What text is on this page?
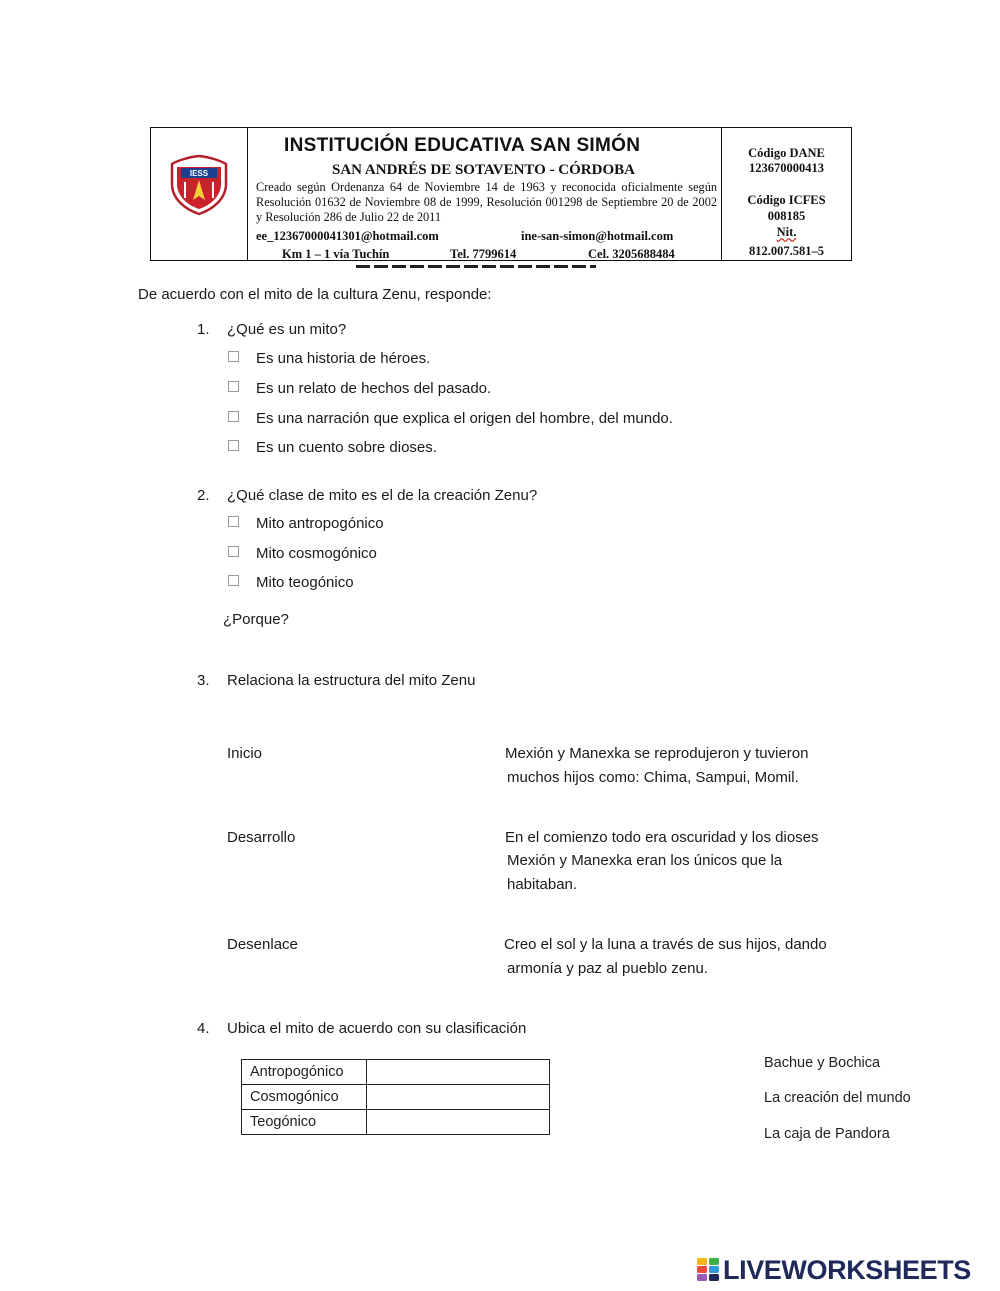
IESS
INSTITUCIÓN EDUCATIVA SAN SIMÓN
SAN ANDRÉS DE SOTAVENTO - CÓRDOBA
Creado según Ordenanza 64 de Noviembre 14 de 1963 y reconocida oficialmente según Resolución 01632 de Noviembre 08 de 1999, Resolución 001298 de Septiembre 20 de 2002 y Resolución 286 de Julio 22 de 2011
ee_12367000041301@hotmail.com	ine-san-simon@hotmail.com
Km 1 – 1 vía Tuchín	Tel. 7799614	Cel. 3205688484
Código DANE
123670000413
Código ICFES
008185
Nit.
812.007.581–5
De acuerdo con el mito de la cultura Zenu, responde:
1. ¿Qué es un mito?
Es una historia de héroes.
Es un relato de hechos del pasado.
Es una narración que explica el origen del hombre, del mundo.
Es un cuento sobre dioses.
2. ¿Qué clase de mito es el de la creación Zenu?
Mito antropogónico
Mito cosmogónico
Mito teogónico
¿Porque?
3. Relaciona la estructura del mito Zenu
Inicio	Mexión y Manexka se reprodujeron y tuvieron
muchos hijos como: Chima, Sampui, Momil.
Desarrollo	En el comienzo todo era oscuridad y los dioses
Mexión y Manexka eran los únicos que la
habitaban.
Desenlace	Creo el sol y la luna a través de sus hijos, dando
armonía y paz al pueblo zenu.
4. Ubica el mito de acuerdo con su clasificación
Antropogónico	
Cosmogónico	
Teogónico	
Bachue y Bochica
La creación del mundo
La caja de Pandora
LIVEWORKSHEETS
